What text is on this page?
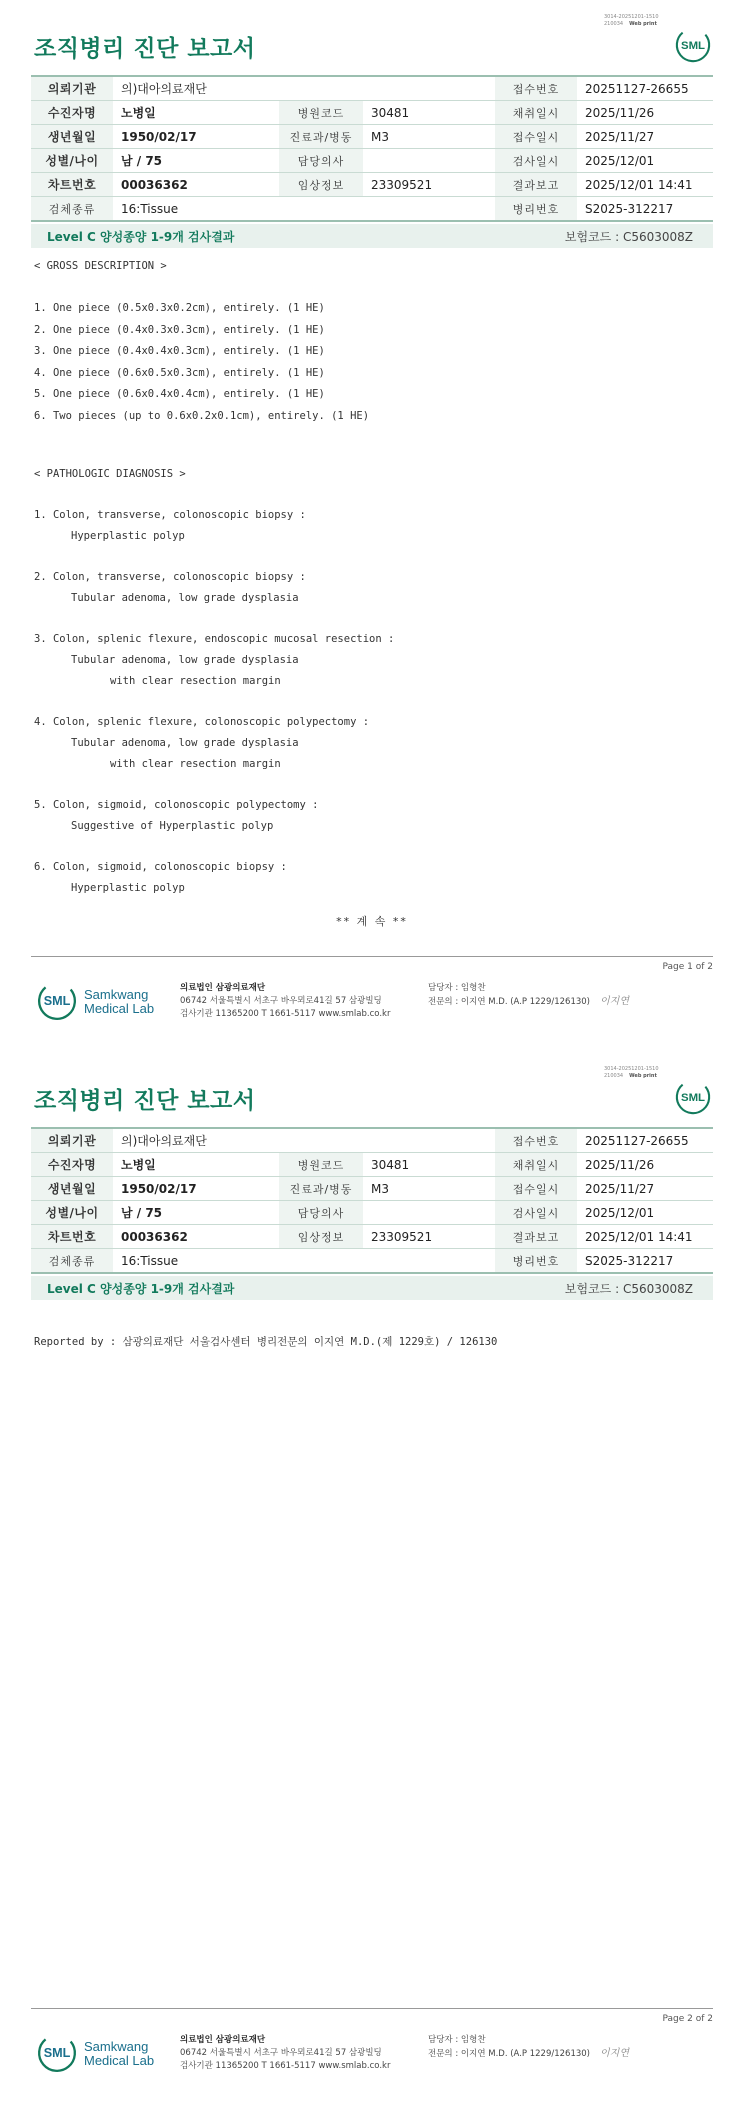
3014-20251201-1510
210034 Web print
SML
조직병리 진단 보고서
의뢰기관	의)대아의료재단			접수번호	20251127-26655
수진자명	노병일	병원코드	30481	채취일시	2025/11/26
생년월일	1950/02/17	진료과/병동	M3	접수일시	2025/11/27
성별/나이	남 / 75	담당의사		검사일시	2025/12/01
차트번호	00036362	임상정보	23309521	결과보고	2025/12/01 14:41
검체종류	16:Tissue			병리번호	S2025-312217
Level C 양성종양 1-9개 검사결과	보험코드 : C5603008Z
< GROSS DESCRIPTION >
1. One piece (0.5x0.3x0.2cm), entirely. (1 HE)
2. One piece (0.4x0.3x0.3cm), entirely. (1 HE)
3. One piece (0.4x0.4x0.3cm), entirely. (1 HE)
4. One piece (0.6x0.5x0.3cm), entirely. (1 HE)
5. One piece (0.6x0.4x0.4cm), entirely. (1 HE)
6. Two pieces (up to 0.6x0.2x0.1cm), entirely. (1 HE)
< PATHOLOGIC DIAGNOSIS >
1. Colon, transverse, colonoscopic biopsy :
Hyperplastic polyp
2. Colon, transverse, colonoscopic biopsy :
Tubular adenoma, low grade dysplasia
3. Colon, splenic flexure, endoscopic mucosal resection :
Tubular adenoma, low grade dysplasia
with clear resection margin
4. Colon, splenic flexure, colonoscopic polypectomy :
Tubular adenoma, low grade dysplasia
with clear resection margin
5. Colon, sigmoid, colonoscopic polypectomy :
Suggestive of Hyperplastic polyp
6. Colon, sigmoid, colonoscopic biopsy :
Hyperplastic polyp
** 계 속 **
Page 1 of 2
SML Samkwang
Medical Lab
의료법인 삼광의료재단
06742 서울특별시 서초구 바우뫼로41길 57 삼광빌딩
검사기관 11365200 T 1661-5117 www.smlab.co.kr
담당자 : 임형찬
전문의 : 이지연 M.D. (A.P 1229/126130) 이지연
3014-20251201-1510
210034 Web print
SML
조직병리 진단 보고서
의뢰기관	의)대아의료재단			접수번호	20251127-26655
수진자명	노병일	병원코드	30481	채취일시	2025/11/26
생년월일	1950/02/17	진료과/병동	M3	접수일시	2025/11/27
성별/나이	남 / 75	담당의사		검사일시	2025/12/01
차트번호	00036362	임상정보	23309521	결과보고	2025/12/01 14:41
검체종류	16:Tissue			병리번호	S2025-312217
Level C 양성종양 1-9개 검사결과	보험코드 : C5603008Z
Reported by : 삼광의료재단 서울검사센터 병리전문의 이지연 M.D.(제 1229호) / 126130
Page 2 of 2
SML Samkwang
Medical Lab
의료법인 삼광의료재단
06742 서울특별시 서초구 바우뫼로41길 57 삼광빌딩
검사기관 11365200 T 1661-5117 www.smlab.co.kr
담당자 : 임형찬
전문의 : 이지연 M.D. (A.P 1229/126130) 이지연
